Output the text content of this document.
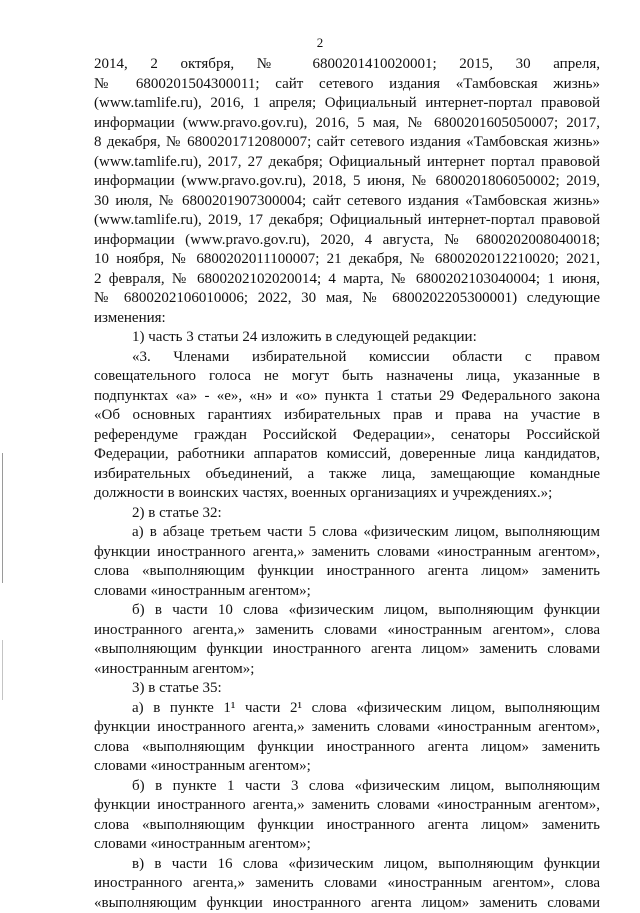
2
2014, 2 октября, № 6800201410020001; 2015, 30 апреля,
№ 6800201504300011; сайт сетевого издания «Тамбовская жизнь»
(www.tamlife.ru), 2016, 1 апреля; Официальный интернет-портал правовой
информации (www.pravo.gov.ru), 2016, 5 мая, № 6800201605050007; 2017,
8 декабря, № 6800201712080007; сайт сетевого издания «Тамбовская жизнь»
(www.tamlife.ru), 2017, 27 декабря; Официальный интернет портал правовой
информации (www.pravo.gov.ru), 2018, 5 июня, № 6800201806050002; 2019,
30 июля, № 6800201907300004; сайт сетевого издания «Тамбовская жизнь»
(www.tamlife.ru), 2019, 17 декабря; Официальный интернет-портал правовой
информации (www.pravo.gov.ru), 2020, 4 августа, № 6800202008040018;
10 ноября, № 6800202011100007; 21 декабря, № 6800202012210020; 2021,
2 февраля, № 6800202102020014; 4 марта, № 6800202103040004; 1 июня,
№ 6800202106010006; 2022, 30 мая, № 6800202205300001) следующие
изменения:
1) часть 3 статьи 24 изложить в следующей редакции:
«3. Членами избирательной комиссии области с правом
совещательного голоса не могут быть назначены лица, указанные в
подпунктах «а» - «е», «н» и «о» пункта 1 статьи 29 Федерального закона
«Об основных гарантиях избирательных прав и права на участие в
референдуме граждан Российской Федерации», сенаторы Российской
Федерации, работники аппаратов комиссий, доверенные лица кандидатов,
избирательных объединений, а также лица, замещающие командные
должности в воинских частях, военных организациях и учреждениях.»;
2) в статье 32:
а) в абзаце третьем части 5 слова «физическим лицом, выполняющим
функции иностранного агента,» заменить словами «иностранным агентом»,
слова «выполняющим функции иностранного агента лицом» заменить
словами «иностранным агентом»;
б) в части 10 слова «физическим лицом, выполняющим функции
иностранного агента,» заменить словами «иностранным агентом», слова
«выполняющим функции иностранного агента лицом» заменить словами
«иностранным агентом»;
3) в статье 35:
а) в пункте 1¹ части 2¹ слова «физическим лицом, выполняющим
функции иностранного агента,» заменить словами «иностранным агентом»,
слова «выполняющим функции иностранного агента лицом» заменить
словами «иностранным агентом»;
б) в пункте 1 части 3 слова «физическим лицом, выполняющим
функции иностранного агента,» заменить словами «иностранным агентом»,
слова «выполняющим функции иностранного агента лицом» заменить
словами «иностранным агентом»;
в) в части 16 слова «физическим лицом, выполняющим функции
иностранного агента,» заменить словами «иностранным агентом», слова
«выполняющим функции иностранного агента лицом» заменить словами
